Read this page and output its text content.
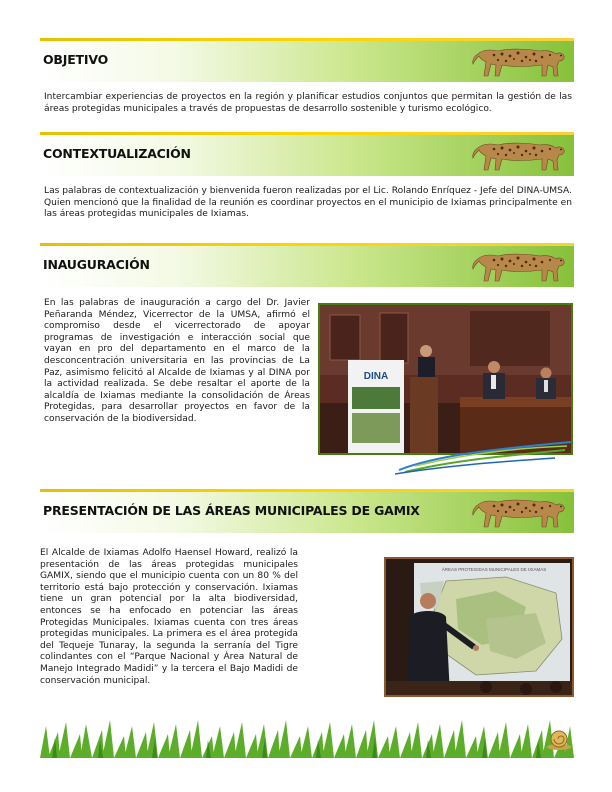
OBJETIVO

Intercambiar experiencias de proyectos en la región y planificar estudios conjuntos que permitan la gestión de las áreas protegidas municipales a través de propuestas de desarrollo sostenible y turismo ecológico.

CONTEXTUALIZACIÓN

Las palabras de contextualización y bienvenida fueron realizadas por el Lic. Rolando Enríquez - Jefe del DINA-UMSA. Quien mencionó que la finalidad de la reunión es coordinar proyectos en el municipio de Ixiamas principalmente en las áreas protegidas municipales de Ixiamas.

INAUGURACIÓN

En las palabras de inauguración a cargo del Dr. Javier Peñaranda Méndez, Vicerrector de la UMSA, afirmó el compromiso desde el vicerrectorado de apoyar programas de investigación e interacción social que vayan en pro del departamento en el marco de la desconcentración universitaria en las provincias de La Paz, asimismo felicitó al Alcalde de Ixiamas y al DINA por la actividad realizada. Se debe resaltar el aporte de la alcaldía de Ixiamas mediante la consolidación de Áreas Protegidas, para desarrollar proyectos en favor de la conservación de la biodiversidad.

DINA
PRESENTACIÓN DE LAS ÁREAS MUNICIPALES DE GAMIX

El Alcalde de Ixiamas Adolfo Haensel Howard, realizó la presentación de las áreas protegidas municipales GAMIX, siendo que el municipio cuenta con un 80 % del territorio está bajo protección y conservación. Ixiamas tiene un gran potencial por la alta biodiversidad, entonces se ha enfocado en potenciar las áreas Protegidas Municipales. Ixiamas cuenta con tres áreas protegidas municipales. La primera es el área protegida del Tequeje Tunaray, la segunda la serranía del Tigre colindantes con el “Parque Nacional y Área Natural de Manejo Integrado Madidi” y la tercera el Bajo Madidi de conservación municipal.

ÁREAS PROTEGIDAS MUNICIPALES DE IXIAMAS
